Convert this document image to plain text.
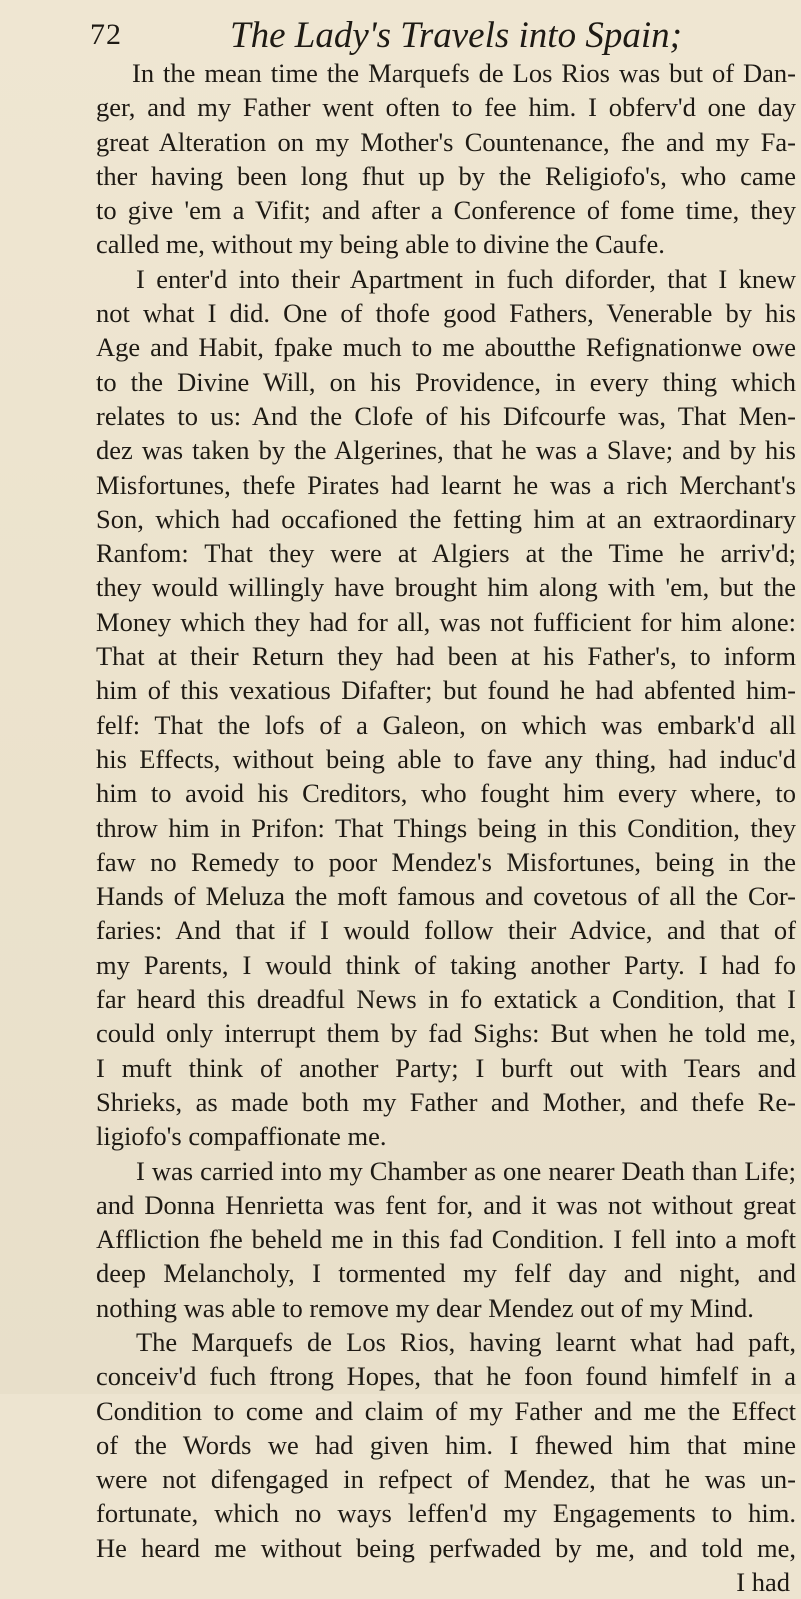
72	The Lady's Travels into Spain;
In the mean time the Marquefs de Los Rios was but of Dan-
ger, and my Father went often to fee him. I obferv'd one day
great Alteration on my Mother's Countenance, fhe and my Fa-
ther having been long fhut up by the Religiofo's, who came
to give 'em a Vifit; and after a Conference of fome time, they
called me, without my being able to divine the Caufe.
I enter'd into their Apartment in fuch diforder, that I knew
not what I did. One of thofe good Fathers, Venerable by his
Age and Habit, fpake much to me aboutthe Refignationwe owe
to the Divine Will, on his Providence, in every thing which
relates to us: And the Clofe of his Difcourfe was, That Men-
dez was taken by the Algerines, that he was a Slave; and by his
Misfortunes, thefe Pirates had learnt he was a rich Merchant's
Son, which had occafioned the fetting him at an extraordinary
Ranfom: That they were at Algiers at the Time he arriv'd;
they would willingly have brought him along with 'em, but the
Money which they had for all, was not fufficient for him alone:
That at their Return they had been at his Father's, to inform
him of this vexatious Difafter; but found he had abfented him-
felf: That the lofs of a Galeon, on which was embark'd all
his Effects, without being able to fave any thing, had induc'd
him to avoid his Creditors, who fought him every where, to
throw him in Prifon: That Things being in this Condition, they
faw no Remedy to poor Mendez's Misfortunes, being in the
Hands of Meluza the moft famous and covetous of all the Cor-
faries: And that if I would follow their Advice, and that of
my Parents, I would think of taking another Party. I had fo
far heard this dreadful News in fo extatick a Condition, that I
could only interrupt them by fad Sighs: But when he told me,
I muft think of another Party; I burft out with Tears and
Shrieks, as made both my Father and Mother, and thefe Re-
ligiofo's compaffionate me.
I was carried into my Chamber as one nearer Death than Life;
and Donna Henrietta was fent for, and it was not without great
Affliction fhe beheld me in this fad Condition. I fell into a moft
deep Melancholy, I tormented my felf day and night, and
nothing was able to remove my dear Mendez out of my Mind.
The Marquefs de Los Rios, having learnt what had paft,
conceiv'd fuch ftrong Hopes, that he foon found himfelf in a
Condition to come and claim of my Father and me the Effect
of the Words we had given him. I fhewed him that mine
were not difengaged in refpect of Mendez, that he was un-
fortunate, which no ways leffen'd my Engagements to him.
He heard me without being perfwaded by me, and told me,
I had
